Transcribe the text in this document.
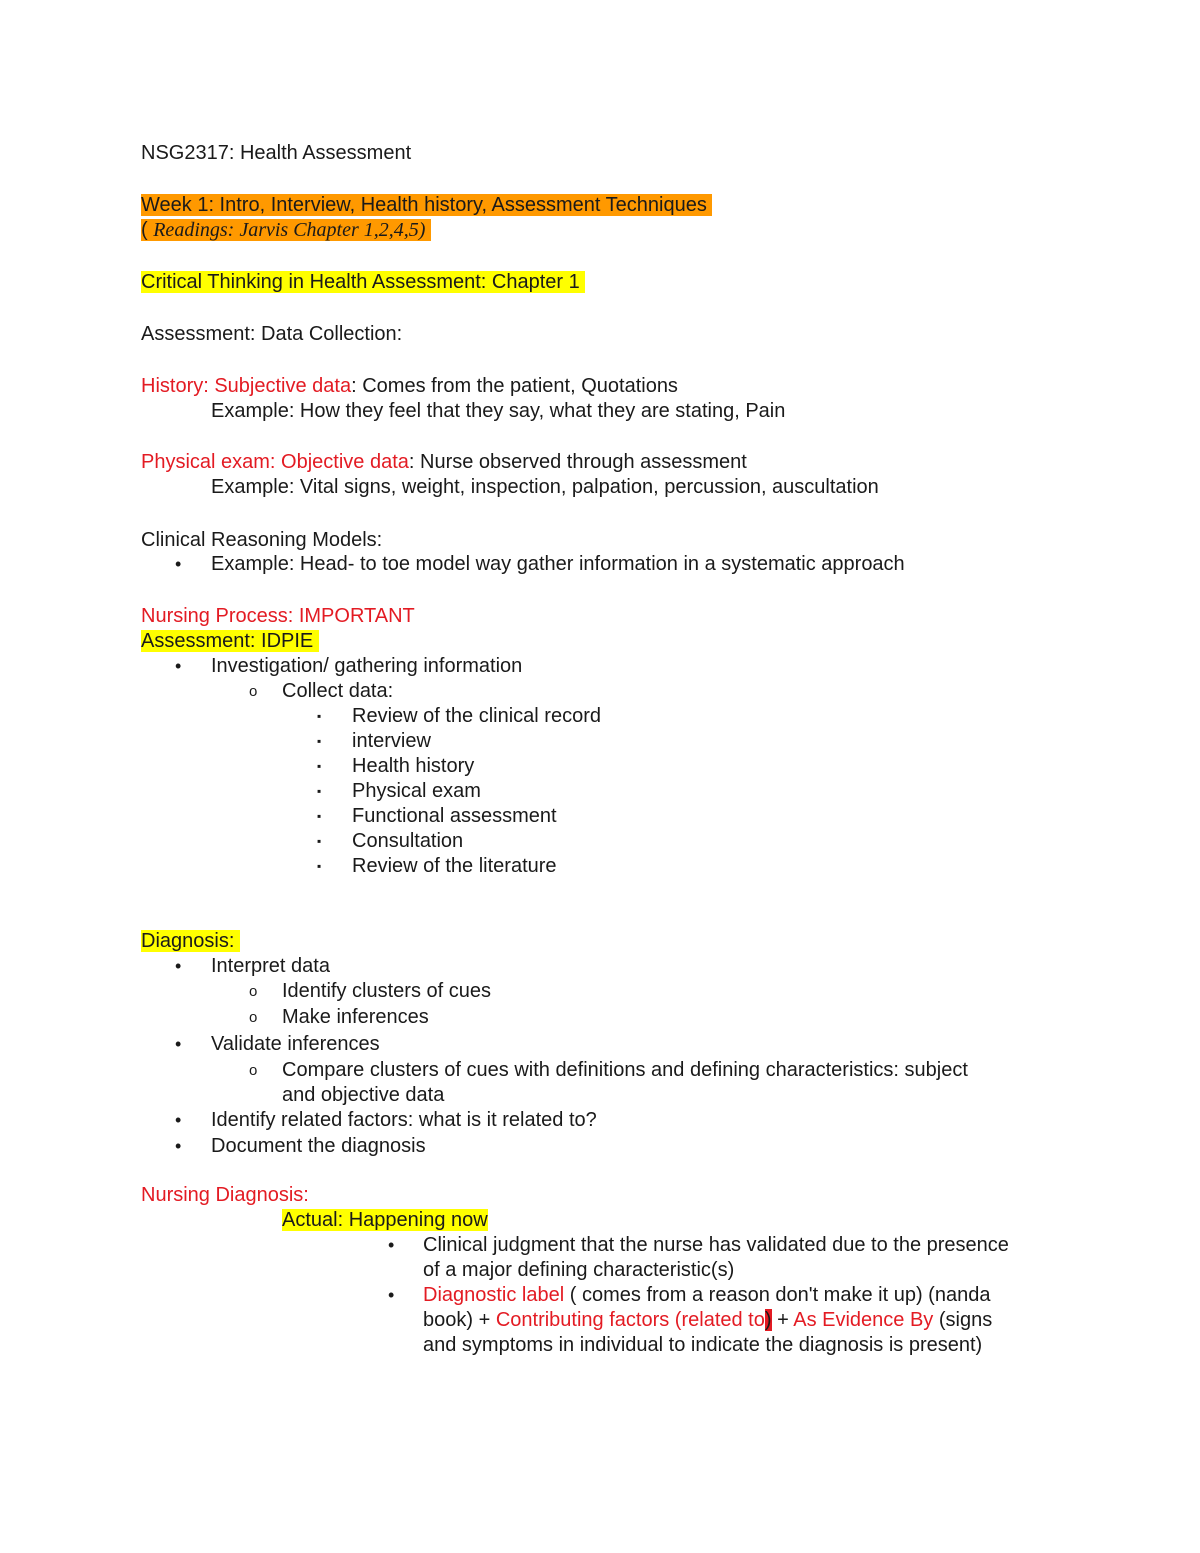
NSG2317: Health Assessment
Week 1: Intro, Interview, Health history, Assessment Techniques
( Readings: Jarvis Chapter 1,2,4,5)
Critical Thinking in Health Assessment: Chapter 1
Assessment: Data Collection:
History: Subjective data: Comes from the patient, Quotations
Example: How they feel that they say, what they are stating, Pain
Physical exam: Objective data: Nurse observed through assessment
Example: Vital signs, weight, inspection, palpation, percussion, auscultation
Clinical Reasoning Models:
• Example: Head- to toe model way gather information in a systematic approach
Nursing Process: IMPORTANT
Assessment: IDPIE
• Investigation/ gathering information
o Collect data:
▪ Review of the clinical record
▪ interview
▪ Health history
▪ Physical exam
▪ Functional assessment
▪ Consultation
▪ Review of the literature
Diagnosis:
• Interpret data
o Identify clusters of cues
o Make inferences
• Validate inferences
o Compare clusters of cues with definitions and defining characteristics: subject
and objective data
• Identify related factors: what is it related to?
• Document the diagnosis
Nursing Diagnosis:
Actual: Happening now
• Clinical judgment that the nurse has validated due to the presence
of a major defining characteristic(s)
• Diagnostic label ( comes from a reason don't make it up) (nanda
book) + Contributing factors (related to) + As Evidence By (signs
and symptoms in individual to indicate the diagnosis is present)
